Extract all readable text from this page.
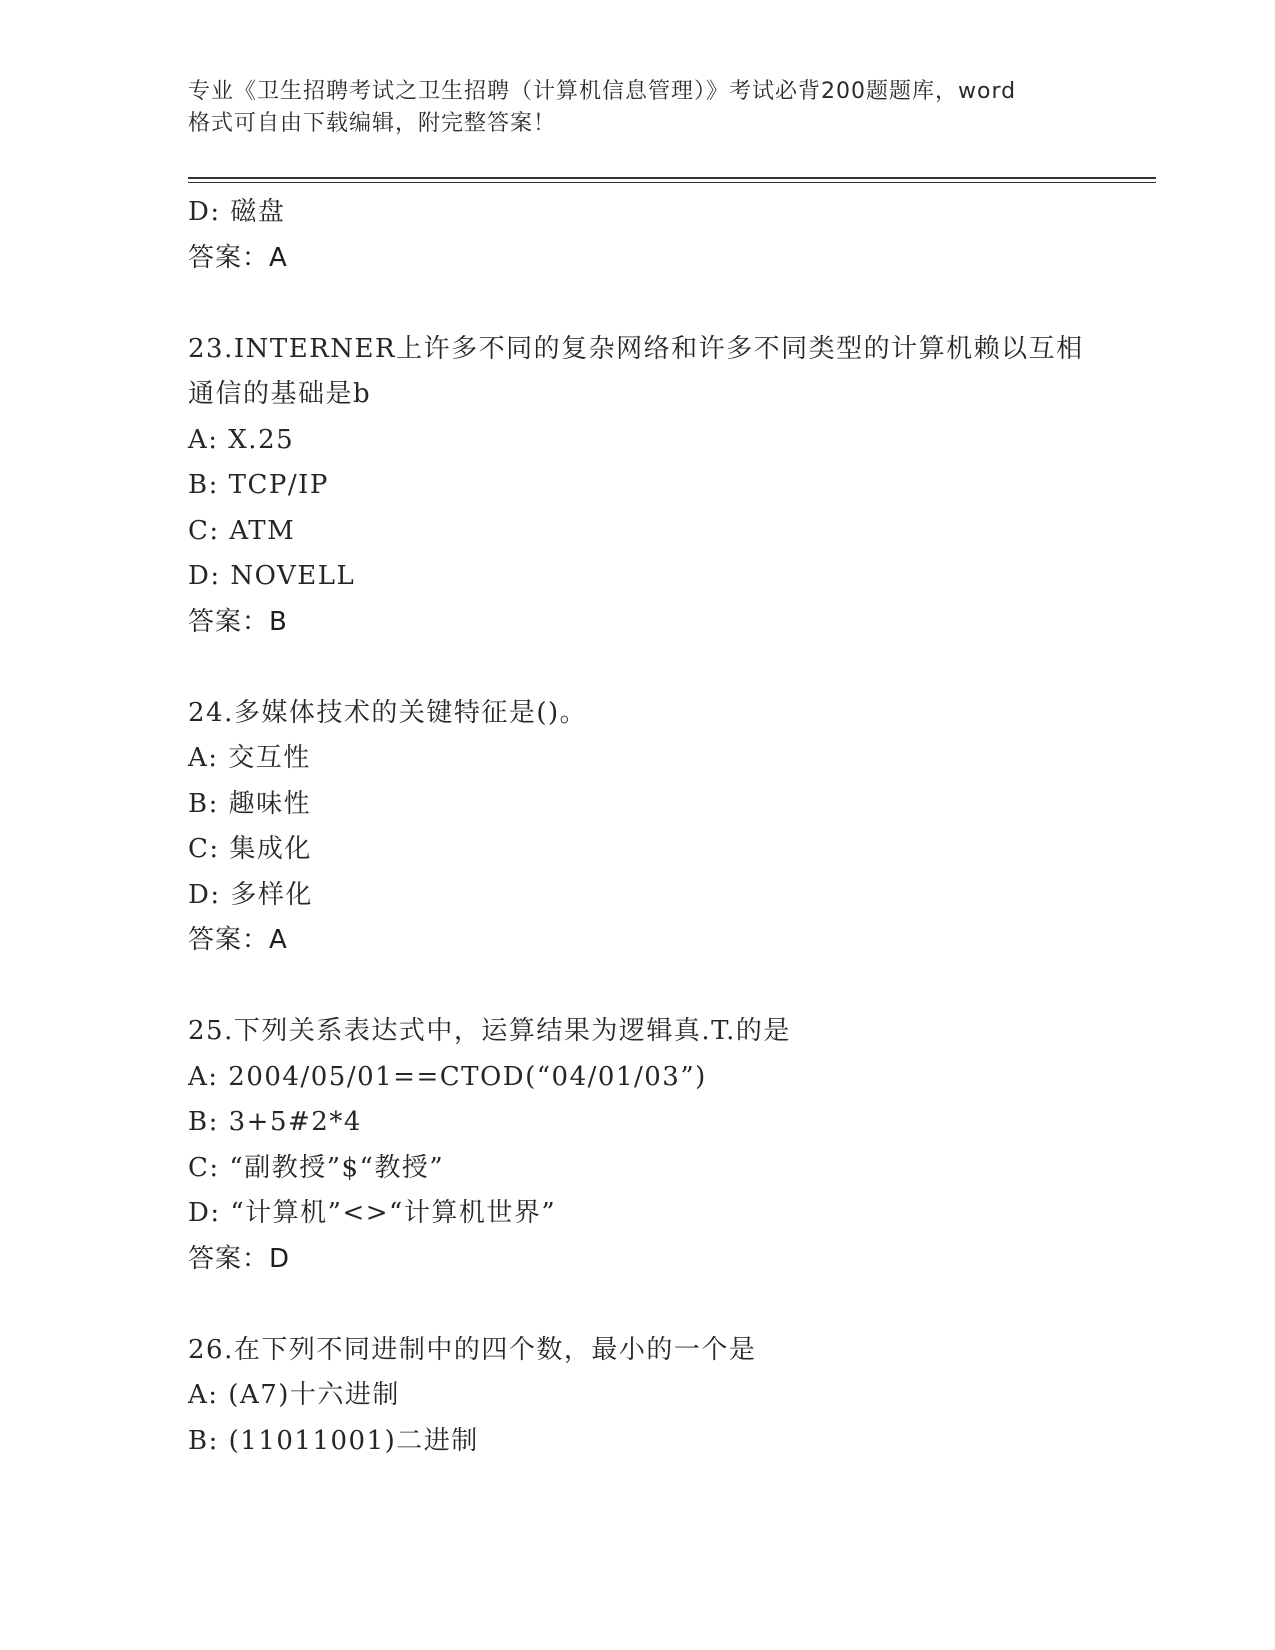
专业《卫生招聘考试之卫生招聘（计算机信息管理）》考试必背200题题库，word
格式可自由下载编辑，附完整答案！
D: 磁盘
答案：A
23.INTERNER上许多不同的复杂网络和许多不同类型的计算机赖以互相
通信的基础是b
A: X.25
B: TCP/IP
C: ATM
D: NOVELL
答案：B
24.多媒体技术的关键特征是()。
A: 交互性
B: 趣味性
C: 集成化
D: 多样化
答案：A
25.下列关系表达式中，运算结果为逻辑真.T.的是
A: 2004/05/01==CTOD(“04/01/03”)
B: 3+5#2*4
C: “副教授”$“教授”
D: “计算机”<>“计算机世界”
答案：D
26.在下列不同进制中的四个数，最小的一个是
A: (A7)十六进制
B: (11011001)二进制
